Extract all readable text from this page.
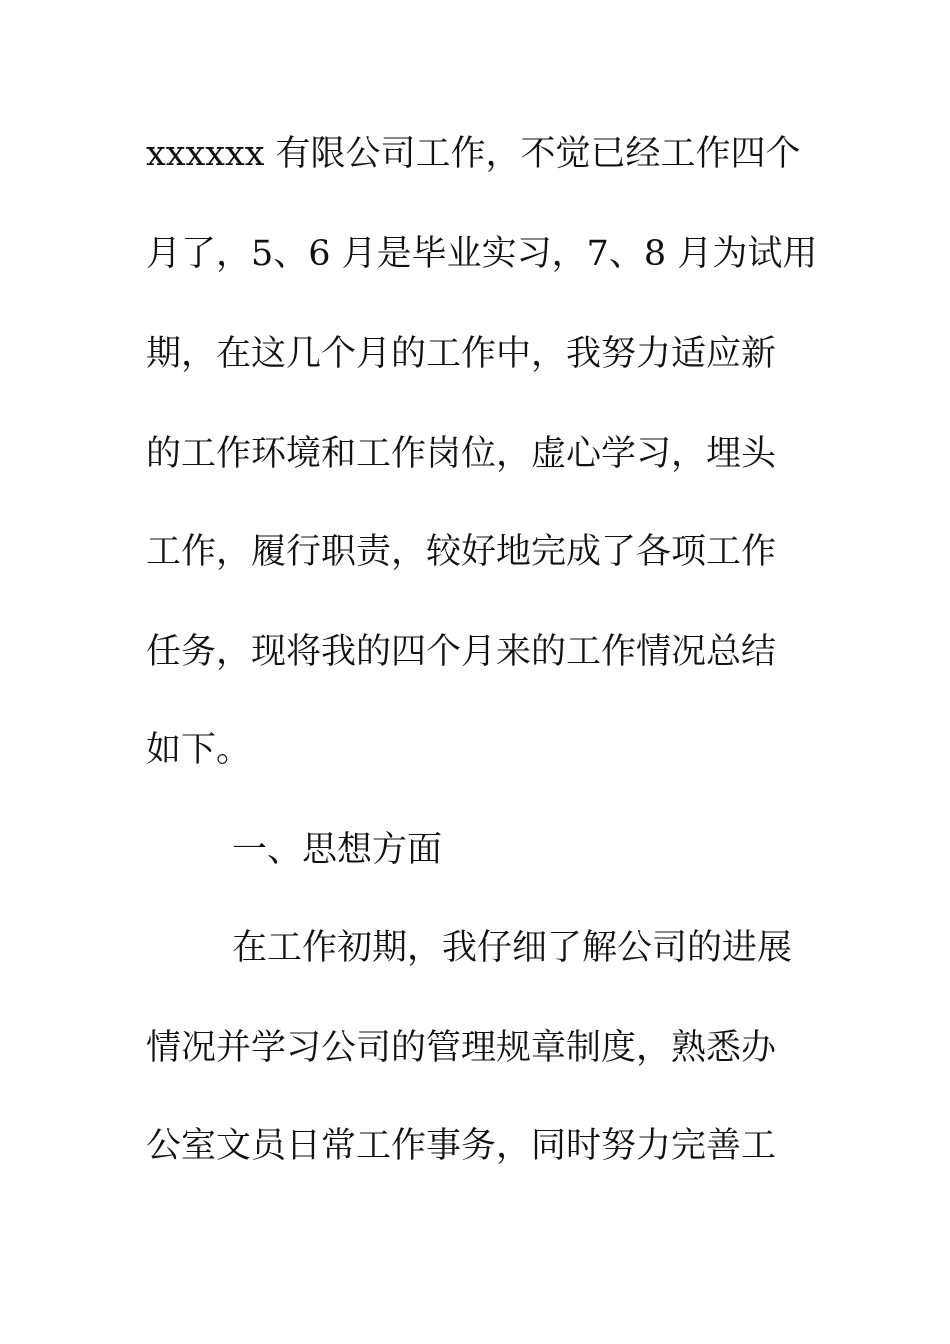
xxxxxx 有限公司工作，不觉已经工作四个
月了，5、6 月是毕业实习，7、8 月为试用
期，在这几个月的工作中，我努力适应新
的工作环境和工作岗位，虚心学习，埋头
工作，履行职责，较好地完成了各项工作
任务，现将我的四个月来的工作情况总结
如下。
一、思想方面
在工作初期，我仔细了解公司的进展
情况并学习公司的管理规章制度，熟悉办
公室文员日常工作事务，同时努力完善工
